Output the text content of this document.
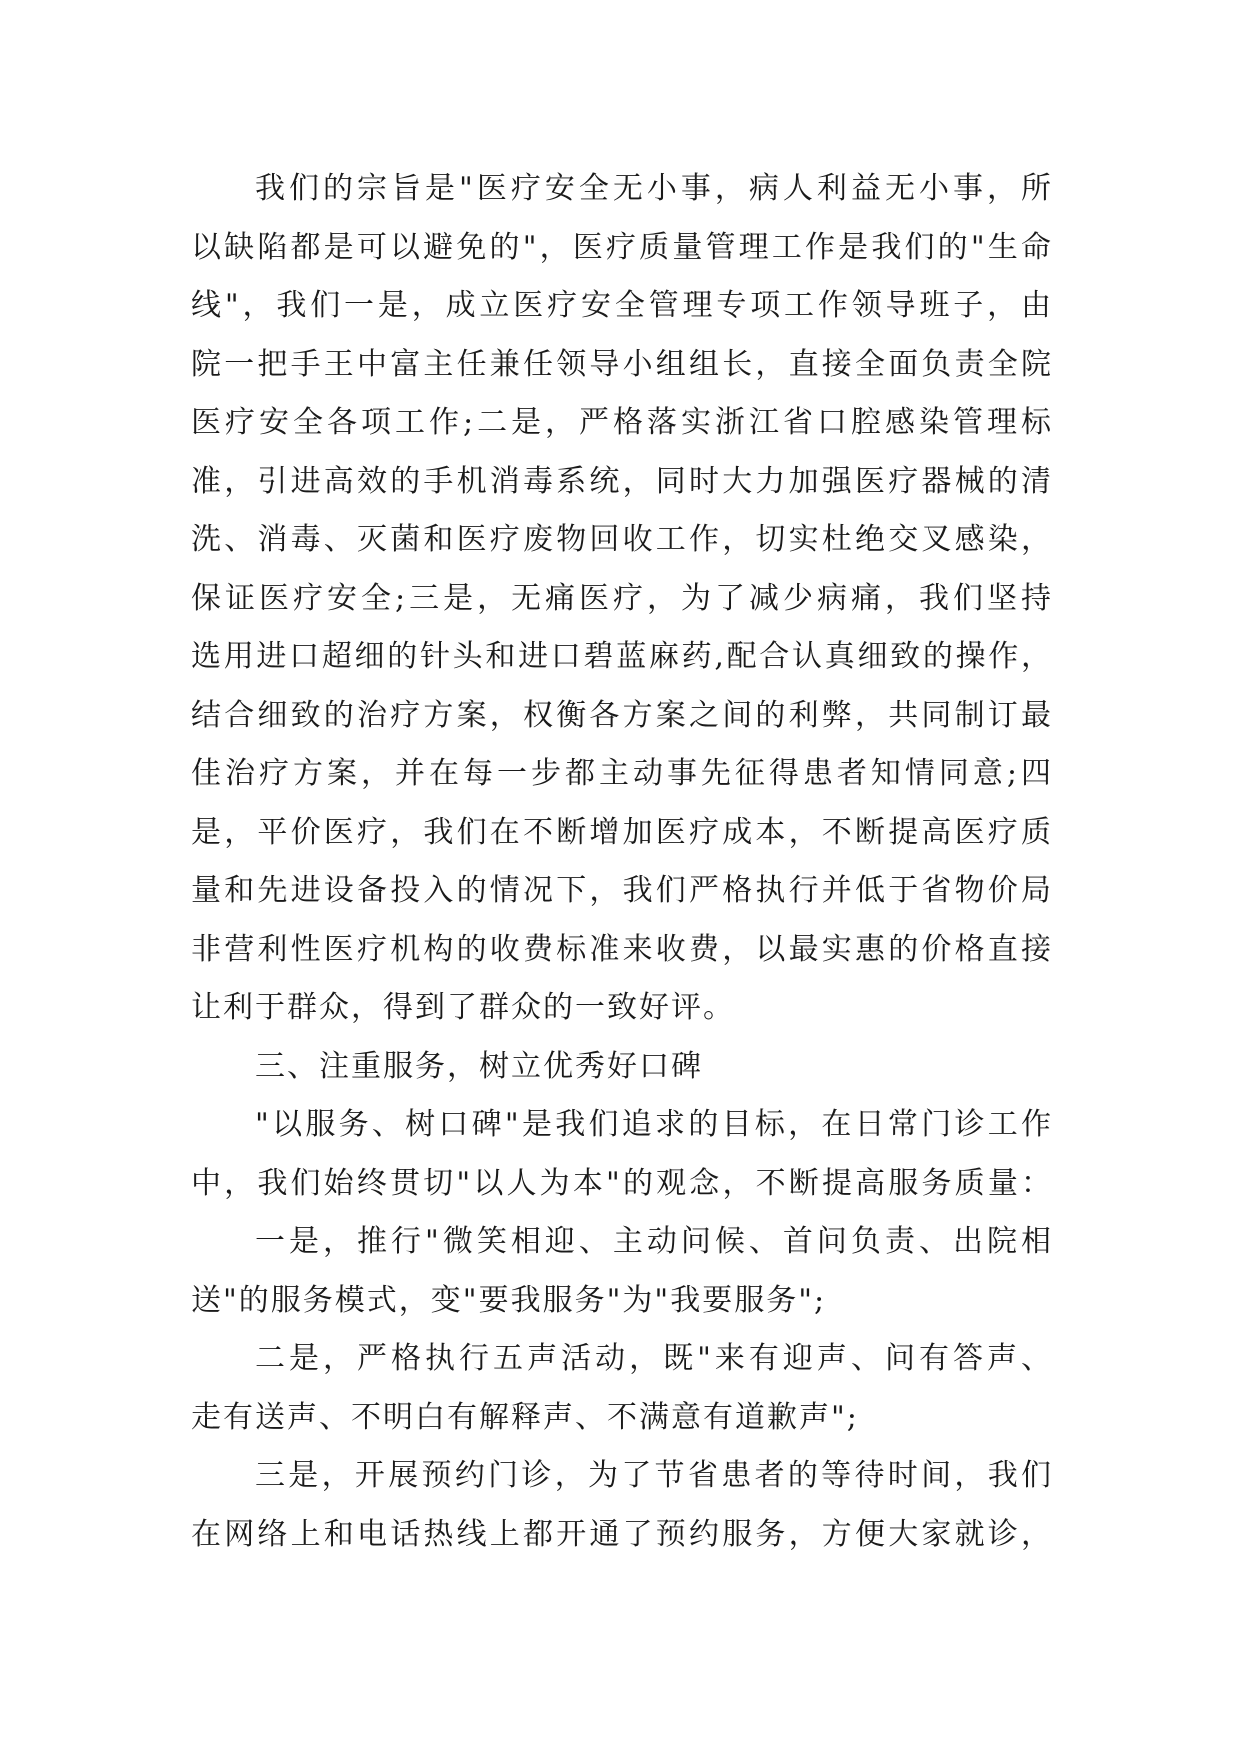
我们的宗旨是"医疗安全无小事，病人利益无小事，所
以缺陷都是可以避免的"，医疗质量管理工作是我们的"生命
线"，我们一是，成立医疗安全管理专项工作领导班子，由
院一把手王中富主任兼任领导小组组长，直接全面负责全院
医疗安全各项工作;二是，严格落实浙江省口腔感染管理标
准，引进高效的手机消毒系统，同时大力加强医疗器械的清
洗、消毒、灭菌和医疗废物回收工作，切实杜绝交叉感染，
保证医疗安全;三是，无痛医疗，为了减少病痛，我们坚持
选用进口超细的针头和进口碧蓝麻药,配合认真细致的操作，
结合细致的治疗方案，权衡各方案之间的利弊，共同制订最
佳治疗方案，并在每一步都主动事先征得患者知情同意;四
是，平价医疗，我们在不断增加医疗成本，不断提高医疗质
量和先进设备投入的情况下，我们严格执行并低于省物价局
非营利性医疗机构的收费标准来收费，以最实惠的价格直接
让利于群众，得到了群众的一致好评。
三、注重服务，树立优秀好口碑
"以服务、树口碑"是我们追求的目标，在日常门诊工作
中，我们始终贯切"以人为本"的观念，不断提高服务质量：
一是，推行"微笑相迎、主动问候、首问负责、出院相
送"的服务模式，变"要我服务"为"我要服务";
二是，严格执行五声活动，既"来有迎声、问有答声、
走有送声、不明白有解释声、不满意有道歉声";
三是，开展预约门诊，为了节省患者的等待时间，我们
在网络上和电话热线上都开通了预约服务，方便大家就诊，
